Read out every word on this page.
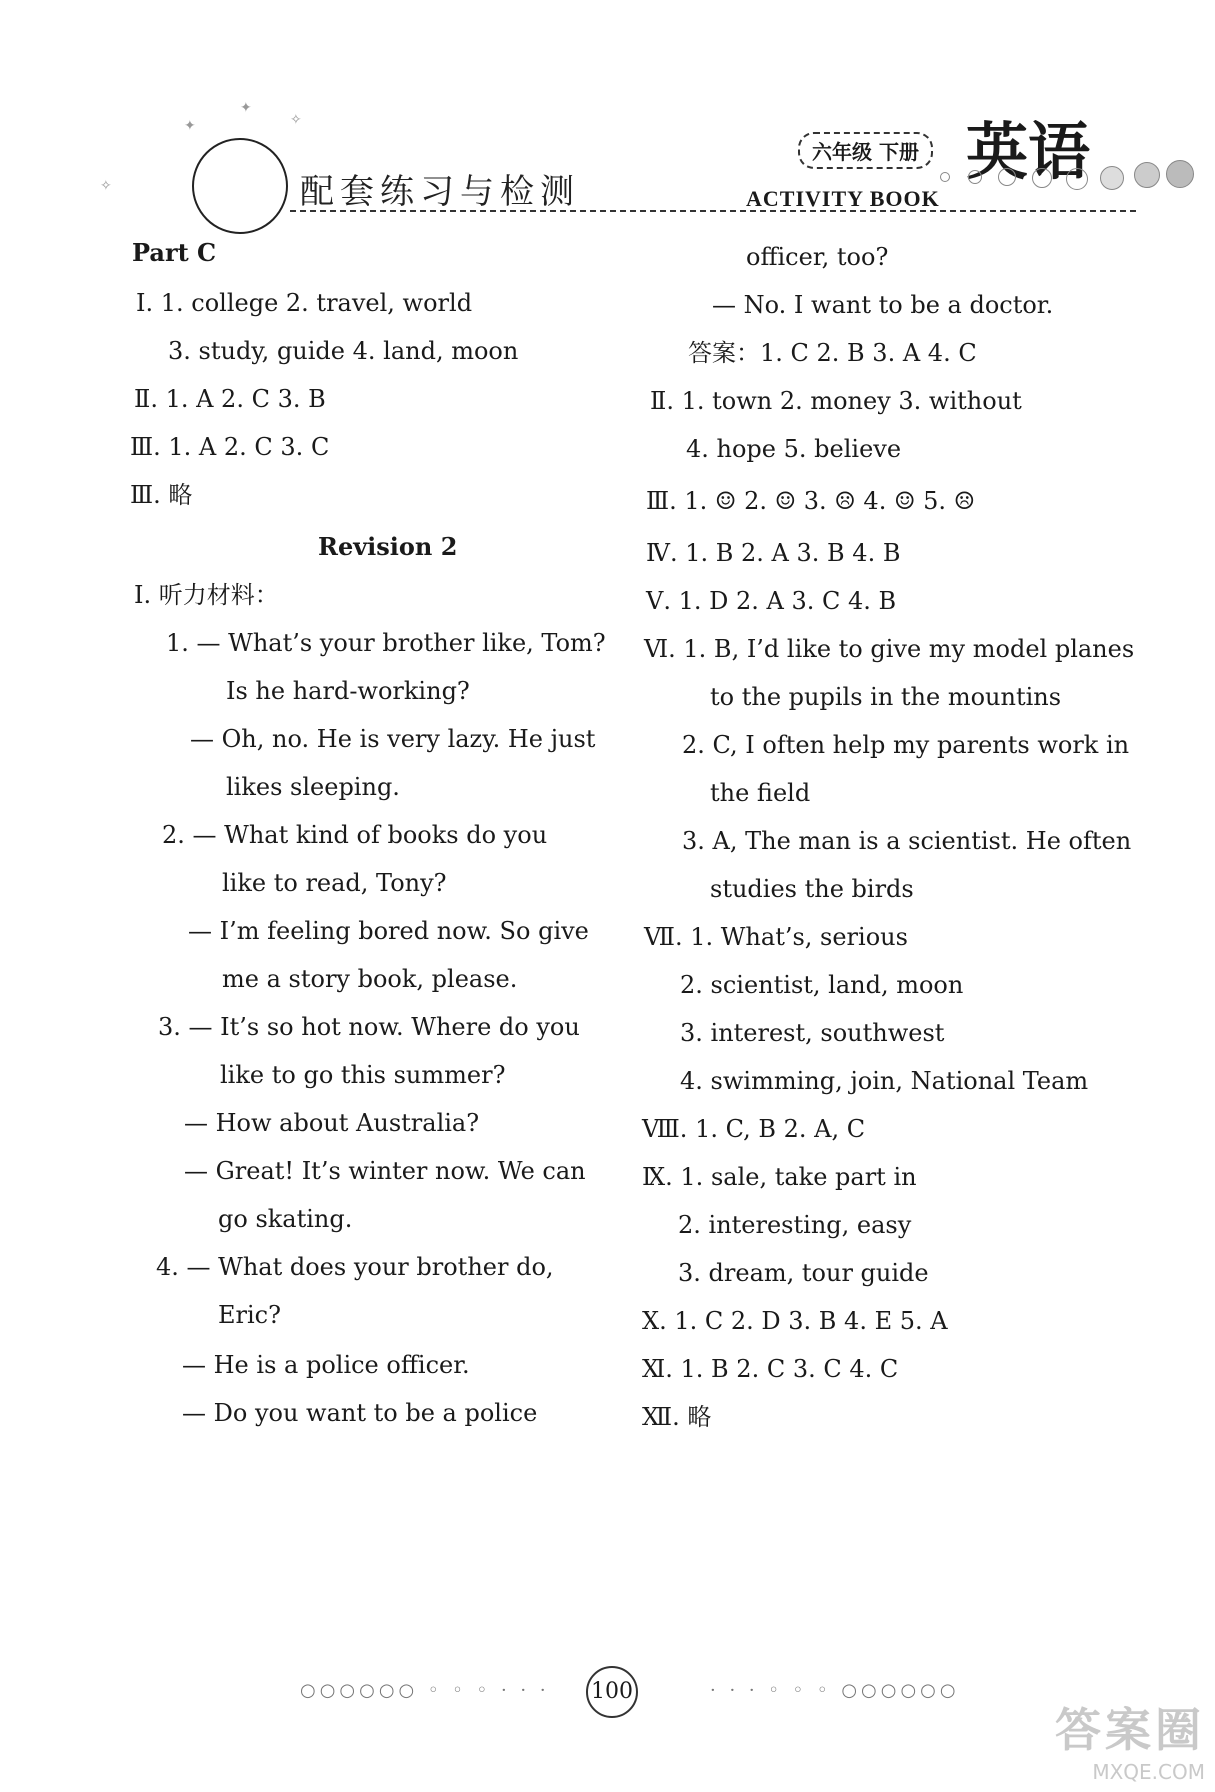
✦
✦
✧
✧	配套练习与检测
六年级 下册 英语
ACTIVITY BOOK
Part C
Ⅰ. 1. college 2. travel, world
3. study, guide 4. land, moon
Ⅱ. 1. A 2. C 3. B
Ⅲ. 1. A 2. C 3. C
Ⅲ. 略
Revision 2
Ⅰ. 听力材料：
1. — What’s your brother like, Tom?
Is he hard-working?
— Oh, no. He is very lazy. He just
likes sleeping.
2. — What kind of books do you
like to read, Tony?
— I’m feeling bored now. So give
me a story book, please.
3. — It’s so hot now. Where do you
like to go this summer?
— How about Australia?
— Great! It’s winter now. We can
go skating.
4. — What does your brother do,
Eric?
— He is a police officer.
— Do you want to be a police
officer, too?
— No. I want to be a doctor.
答案：1. C 2. B 3. A 4. C
Ⅱ. 1. town 2. money 3. without
4. hope 5. believe
Ⅲ. 1. ☺ 2. ☺ 3. ☹ 4. ☺ 5. ☹
Ⅳ. 1. B 2. A 3. B 4. B
Ⅴ. 1. D 2. A 3. C 4. B
Ⅵ. 1. B, I’d like to give my model planes
to the pupils in the mountins
2. C, I often help my parents work in
the field
3. A, The man is a scientist. He often
studies the birds
Ⅶ. 1. What’s, serious
2. scientist, land, moon
3. interest, southwest
4. swimming, join, National Team
Ⅷ. 1. C, B 2. A, C
Ⅸ. 1. sale, take part in
2. interesting, easy
3. dream, tour guide
Ⅹ. 1. C 2. D 3. B 4. E 5. A
Ⅺ. 1. B 2. C 3. C 4. C
Ⅻ. 略
○○○○○○ ◦ ◦ ◦ · · · 100	· · · ◦ ◦ ◦ ○○○○○○
答案圈
MXQE.COM
